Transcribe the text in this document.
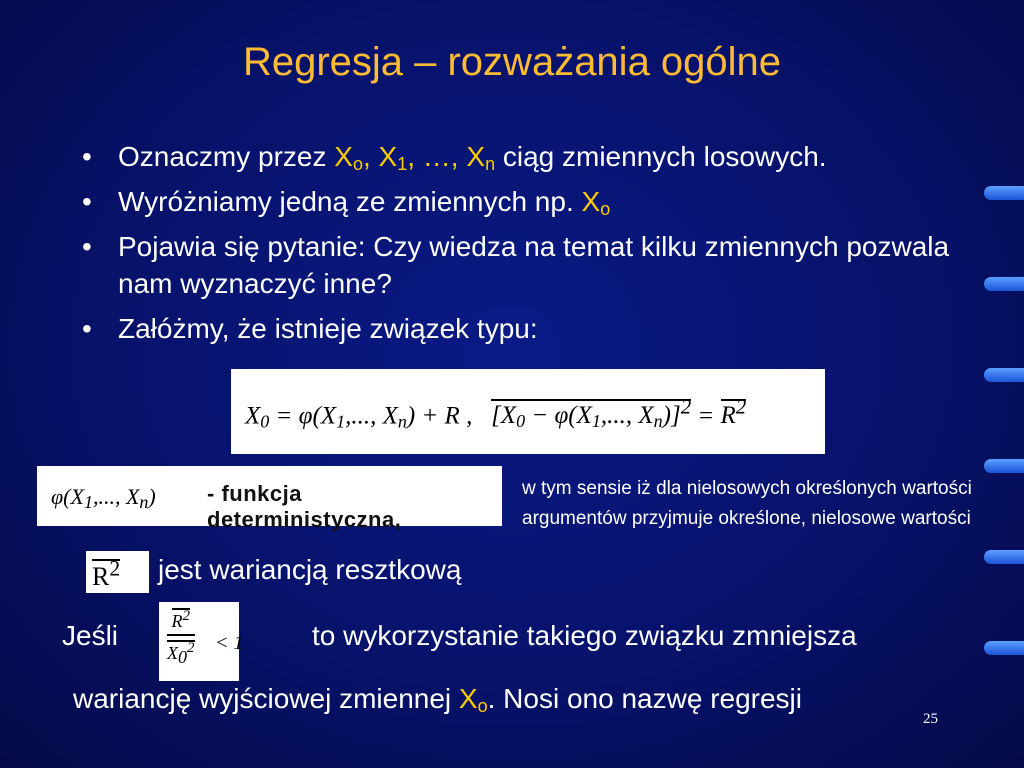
Regresja – rozważania ogólne
• Oznaczmy przez $X_o$, $X_1$, …, $X_n$ ciąg zmiennych losowych.
• Wyróżniamy jedną ze zmiennych np. $X_o$
• Pojawia się pytanie: Czy wiedza na temat kilku zmiennych pozwala nam wyznaczyć inne?
• Załóżmy, że istnieje związek typu:
$X_0 = \varphi(X_1$,..., $X_n) + R$ , [$X_0 - \varphi(X_1$,..., $X_n)]^2 = R^2$
$\varphi(X_1$,..., $X_n$) - funkcja deterministyczna,
w tym sensie iż dla nielosowych określonych wartości argumentów przyjmuje określone, nielosowe wartości
$R^2$ jest wariancją resztkową
Jeśli	$\frac{R^2}{X_0^2} < 1$ to wykorzystanie takiego związku zmniejsza
wariancję wyjściowej zmiennej $X_o$. Nosi ono nazwę regresji
25
